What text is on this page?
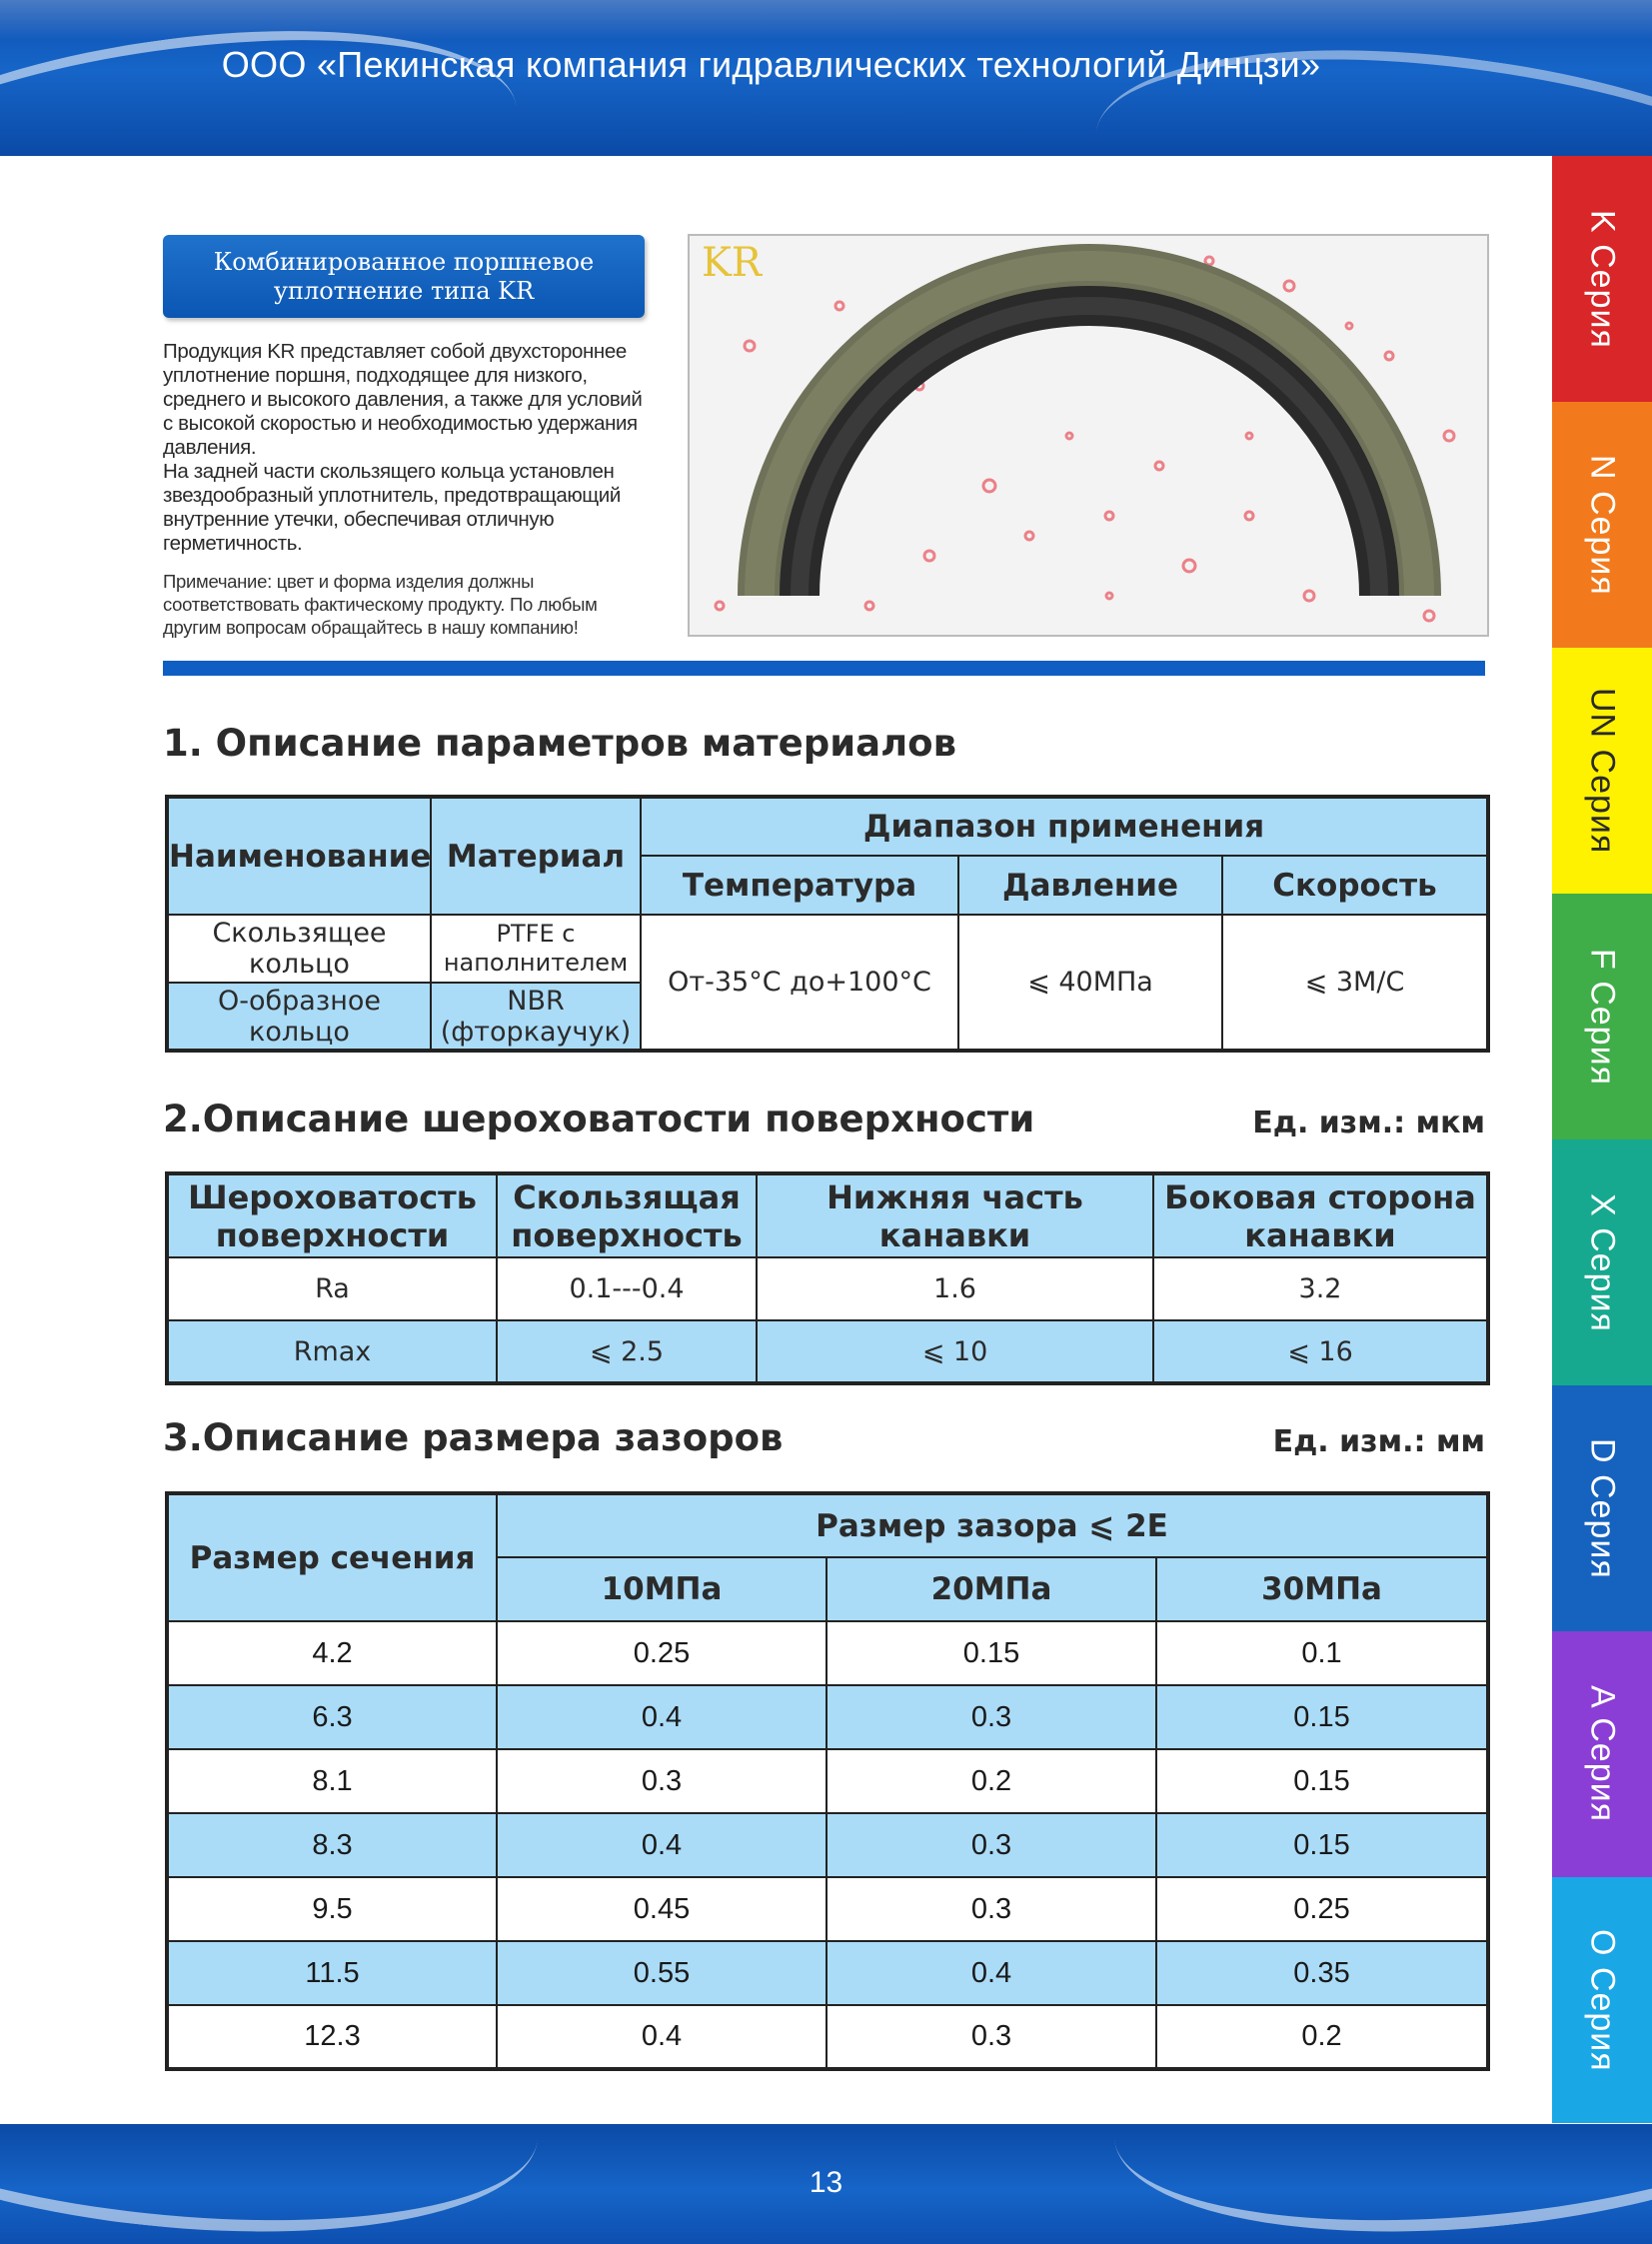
ООО «Пекинская компания гидравлических технологий Динцзи»
K Серия
N Серия
UN Серия
F Серия
X Серия
D Серия
A Серия
O Серия
Комбинированное поршневое
уплотнение типа KR

Продукция KR представляет собой двухстороннее уплотнение поршня, подходящее для низкого, среднего и высокого давления, а также для условий с высокой скоростью и необходимостью удержания давления.

На задней части скользящего кольца установлен звездообразный уплотнитель, предотвращающий внутренние утечки, обеспечивая отличную герметичность.

Примечание: цвет и форма изделия должны соответствовать фактическому продукту. По любым другим вопросам обращайтесь в нашу компанию!
KR
1. Описание параметров материалов
Наименование	Материал	Диапазон применения		
		Температура	Давление	Скорость
Скользящее кольцо	PTFE с наполнителем	От-35°C до+100°C	⩽ 40МПа	⩽ 3М/С
О-образное кольцо	NBR (фторкаучук)			
2.Описание шероховатости поверхности	Ед. изм.: мкм
Шероховатость поверхности	Скользящая поверхность	Нижняя часть канавки	Боковая сторона канавки
Ra	0.1---0.4	1.6	3.2
Rmax	⩽ 2.5	⩽ 10	⩽ 16
3.Описание размера зазоров	Ед. изм.: мм
Размер сечения	Размер зазора ⩽ 2E		
	10МПа	20МПа	30МПа
4.2	0.25	0.15	0.1
6.3	0.4	0.3	0.15
8.1	0.3	0.2	0.15
8.3	0.4	0.3	0.15
9.5	0.45	0.3	0.25
11.5	0.55	0.4	0.35
12.3	0.4	0.3	0.2
13
